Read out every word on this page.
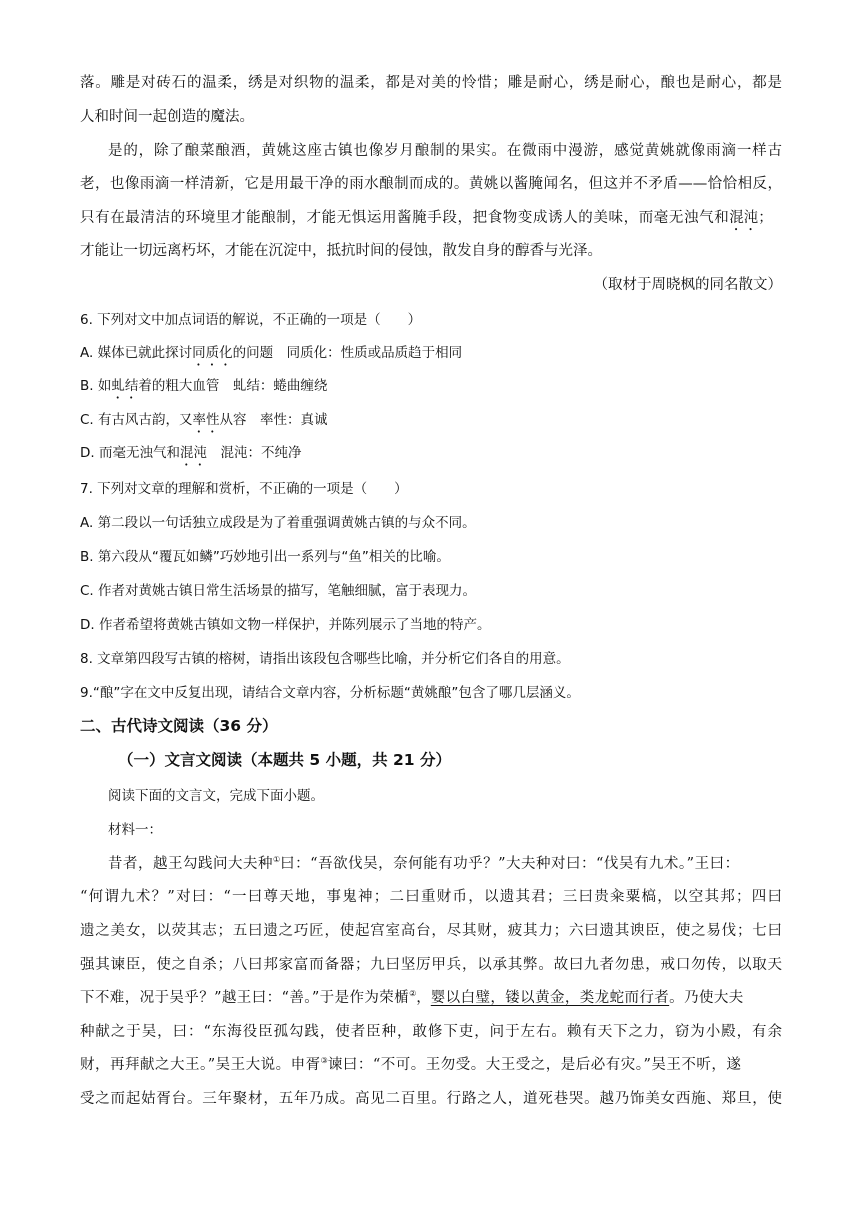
落。雕是对砖石的温柔，绣是对织物的温柔，都是对美的怜惜；雕是耐心，绣是耐心，酿也是耐心，都是
人和时间一起创造的魔法。
是的，除了酿菜酿酒，黄姚这座古镇也像岁月酿制的果实。在微雨中漫游，感觉黄姚就像雨滴一样古
老，也像雨滴一样清新，它是用最干净的雨水酿制而成的。黄姚以酱腌闻名，但这并不矛盾——恰恰相反，
只有在最清洁的环境里才能酿制，才能无惧运用酱腌手段，把食物变成诱人的美味，而毫无浊气和混沌；
才能让一切远离朽坏，才能在沉淀中，抵抗时间的侵蚀，散发自身的醇香与光泽。
（取材于周晓枫的同名散文）
6. 下列对文中加点词语的解说，不正确的一项是（　　）
A. 媒体已就此探讨同质化的问题　同质化：性质或品质趋于相同
B. 如虬结着的粗大血管　虬结：蜷曲缠绕
C. 有古风古韵，又率性从容　率性：真诚
D. 而毫无浊气和混沌　混沌：不纯净
7. 下列对文章的理解和赏析，不正确的一项是（　　）
A. 第二段以一句话独立成段是为了着重强调黄姚古镇的与众不同。
B. 第六段从“覆瓦如鳞”巧妙地引出一系列与“鱼”相关的比喻。
C. 作者对黄姚古镇日常生活场景的描写，笔触细腻，富于表现力。
D. 作者希望将黄姚古镇如文物一样保护，并陈列展示了当地的特产。
8. 文章第四段写古镇的榕树，请指出该段包含哪些比喻，并分析它们各自的用意。
9.“酿”字在文中反复出现，请结合文章内容，分析标题“黄姚酿”包含了哪几层涵义。
二、古代诗文阅读（36 分）
（一）文言文阅读（本题共 5 小题，共 21 分）
阅读下面的文言文，完成下面小题。
材料一：
昔者，越王勾践问大夫种①曰：“吾欲伐吴，奈何能有功乎？”大夫种对曰：“伐吴有九术。”王曰：
“何谓九术？”对曰：“一曰尊天地，事鬼神；二曰重财币，以遗其君；三曰贵籴粟槁，以空其邦；四曰
遗之美女，以荧其志；五曰遗之巧匠，使起宫室高台，尽其财，疲其力；六曰遗其谀臣，使之易伐；七曰
强其谏臣，使之自杀；八曰邦家富而备器；九曰坚厉甲兵，以承其弊。故曰九者勿患，戒口勿传，以取天
下不难，况于吴乎？”越王曰：“善。”于是作为荣楯②，婴以白璧，镂以黄金，类龙蛇而行者。乃使大夫
种献之于吴，曰：“东海役臣孤勾践，使者臣种，敢修下吏，问于左右。赖有天下之力，窃为小殿，有余
财，再拜献之大王。”吴王大说。申胥③谏曰：“不可。王勿受。大王受之，是后必有灾。”吴王不听，遂
受之而起姑胥台。三年聚材，五年乃成。高见二百里。行路之人，道死巷哭。越乃饰美女西施、郑旦，使
